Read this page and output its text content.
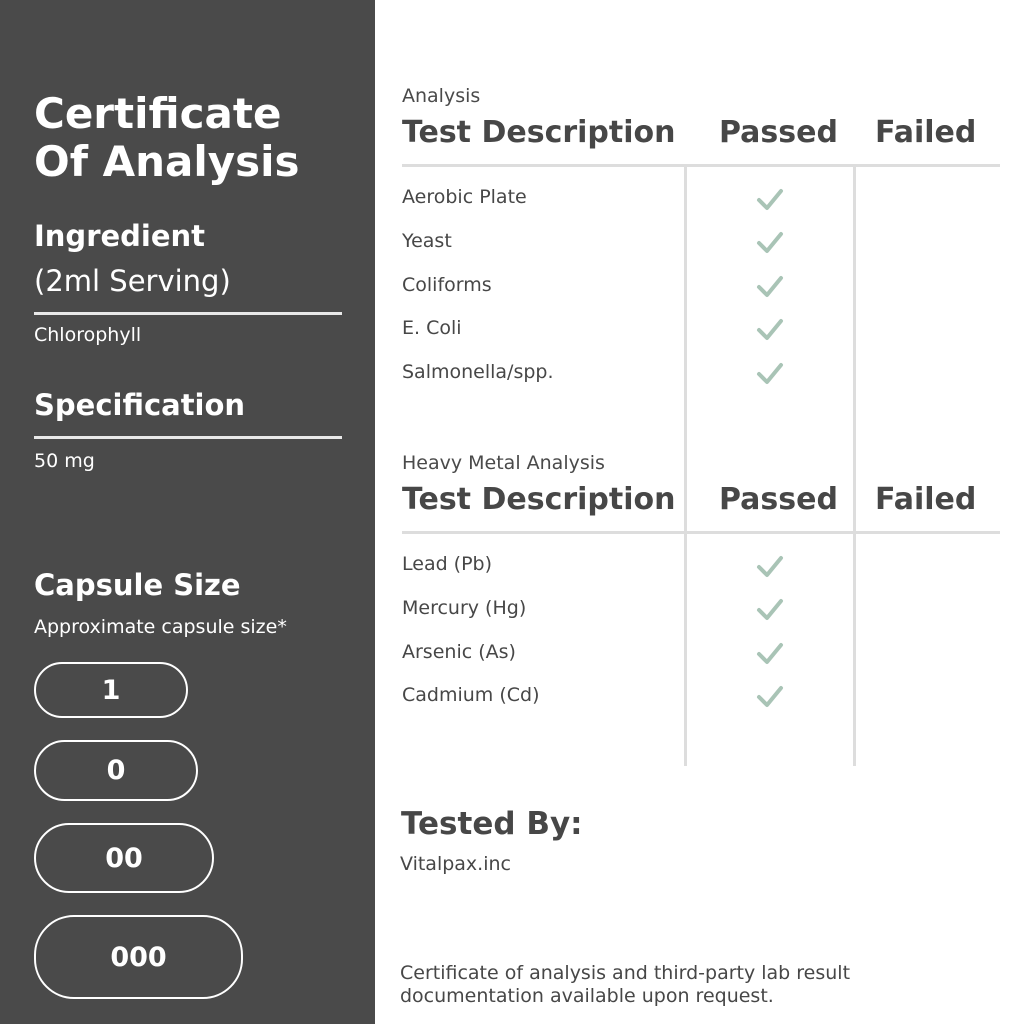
Certificate
Of Analysis
Ingredient
(2ml Serving)
Chlorophyll
Specification
50 mg
Capsule Size
Approximate capsule size*
1
0
00
000
Analysis
Test Description Passed Failed
Aerobic Plate
Yeast
Coliforms
E. Coli
Salmonella/spp.
Heavy Metal Analysis
Test Description Passed Failed
Lead (Pb)
Mercury (Hg)
Arsenic (As)
Cadmium (Cd)
Tested By:
Vitalpax.inc
Certificate of analysis and third-party lab result documentation available upon request.
